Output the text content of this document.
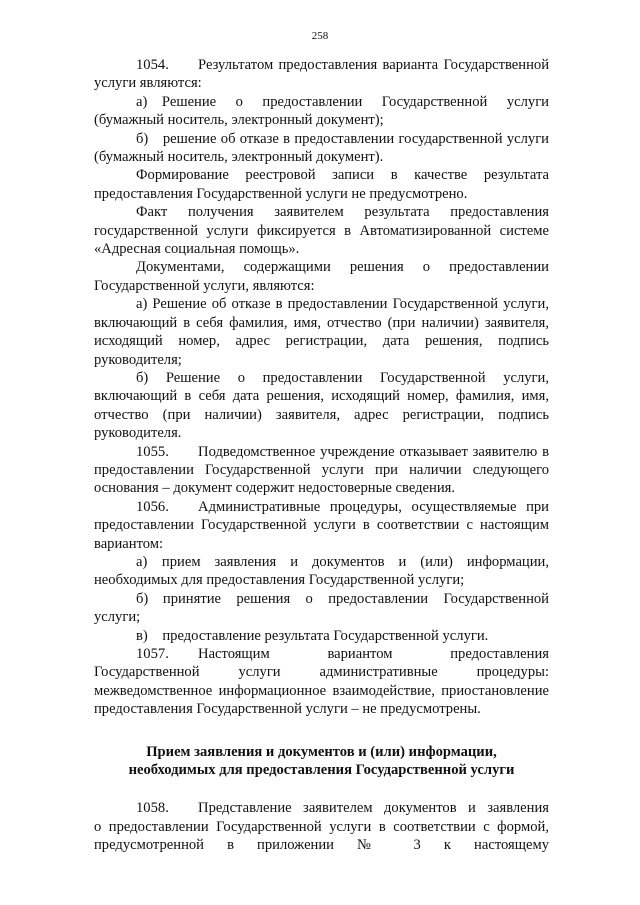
258

1054.  Результатом предоставления варианта Государственной услуги являются:

а) Решение о предоставлении Государственной услуги (бумажный носитель, электронный документ);

б) решение об отказе в предоставлении государственной услуги (бумажный носитель, электронный документ).

Формирование реестровой записи в качестве результата предоставления Государственной услуги не предусмотрено.

Факт получения заявителем результата предоставления государственной услуги фиксируется в Автоматизированной системе «Адресная социальная помощь».

Документами, содержащими решения о предоставлении Государственной услуги, являются:

а) Решение об отказе в предоставлении Государственной услуги, включающий в себя фамилия, имя, отчество (при наличии) заявителя, исходящий номер, адрес регистрации, дата решения, подпись руководителя;

б) Решение о предоставлении Государственной услуги, включающий в себя дата решения, исходящий номер, фамилия, имя, отчество (при наличии) заявителя, адрес регистрации, подпись руководителя.

1055.  Подведомственное учреждение отказывает заявителю в предоставлении Государственной услуги при наличии следующего основания – документ содержит недостоверные сведения.

1056.  Административные процедуры, осуществляемые при предоставлении Государственной услуги в соответствии с настоящим вариантом:

а) прием заявления и документов и (или) информации, необходимых для предоставления Государственной услуги;

б) принятие решения о предоставлении Государственной услуги;

в) предоставление результата Государственной услуги.

1057.  Настоящим вариантом предоставления Государственной услуги административные процедуры: межведомственное информационное взаимодействие, приостановление предоставления Государственной услуги – не предусмотрены.

Прием заявления и документов и (или) информации,
необходимых для предоставления Государственной услуги

1058.  Представление заявителем документов и заявления

о предоставлении Государственной услуги в соответствии с формой,

предусмотренной в приложении № 3 к настоящему
